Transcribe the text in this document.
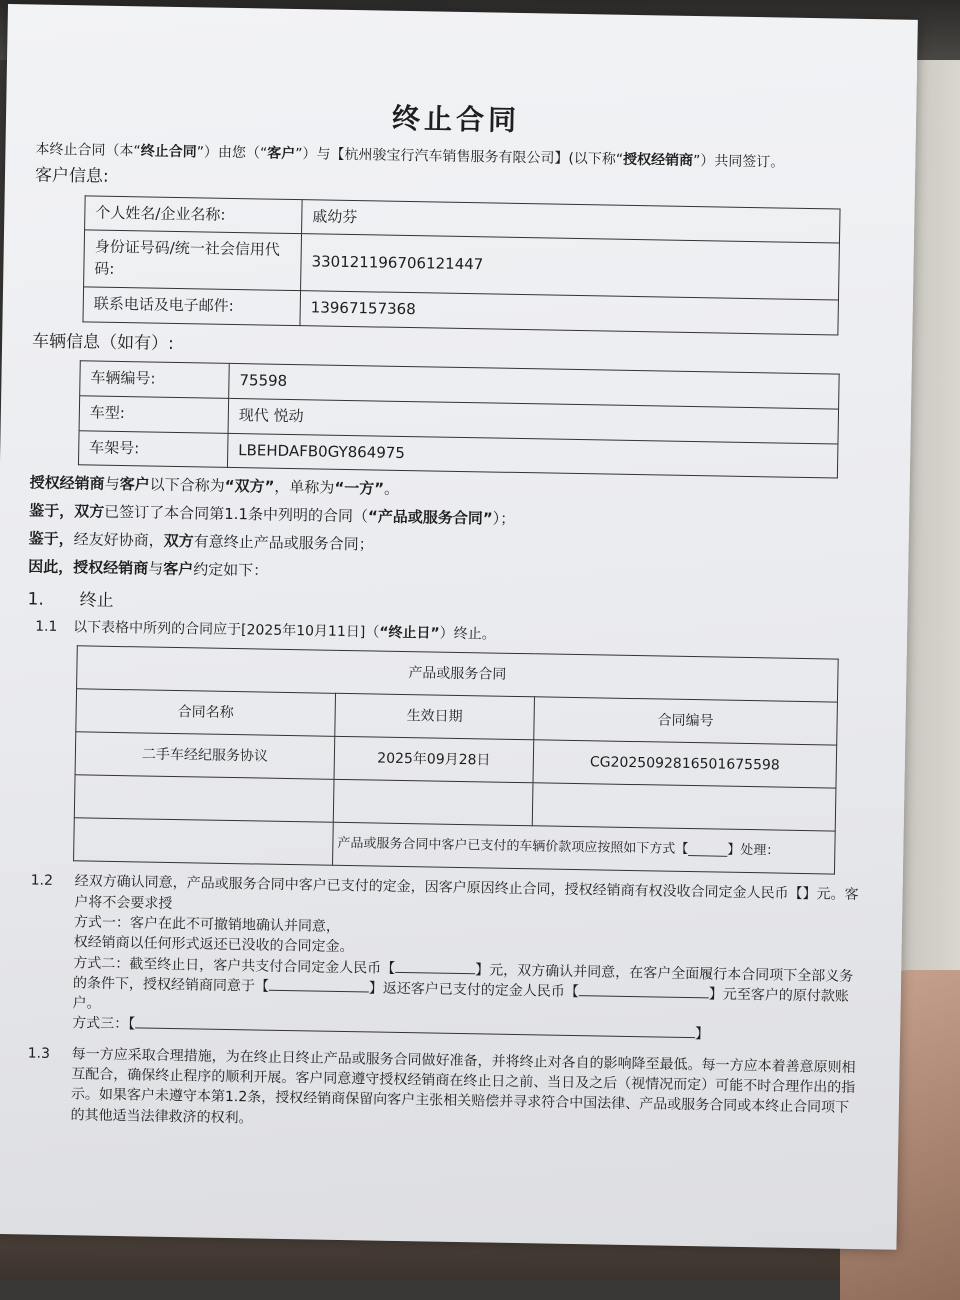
终止合同
本终止合同（本“终止合同”）由您（“客户”）与【杭州骏宝行汽车销售服务有限公司】(以下称“授权经销商”）共同签订。
客户信息:
个人姓名/企业名称:	戚幼芬
身份证号码/统一社会信用代码:	330121196706121447
联系电话及电子邮件:	13967157368
车辆信息（如有）:
车辆编号:	75598
车型:	现代 悦动
车架号:	LBEHDAFB0GY864975

授权经销商与客户以下合称为“双方”，单称为“一方”。

鉴于，双方已签订了本合同第1.1条中列明的合同（“产品或服务合同”）；

鉴于，经友好协商，双方有意终止产品或服务合同；

因此，授权经销商与客户约定如下：

1. 终止
1.1 以下表格中所列的合同应于[2025年10月11日]（“终止日”）终止。
产品或服务合同		
合同名称	生效日期	合同编号
二手车经纪服务协议	2025年09月28日	CG2025092816501675598

	产品或服务合同中客户已支付的车辆价款项应按照如下方式【______】处理：	
1.2 经双方确认同意，产品或服务合同中客户已支付的定金，因客户原因终止合同，授权经销商有权没收合同定金人民币【】元。客户将不会要求授
方式一：客户在此不可撤销地确认并同意，
权经销商以任何形式返还已没收的合同定金。
方式二：截至终止日，客户共支付合同定金人民币【	】元，双方确认并同意，在客户全面履行本合同项下全部义务
的条件下，授权经销商同意于【	】返还客户已支付的定金人民币【	】元至客户的原付款账户。
方式三：【】
1.3 每一方应采取合理措施，为在终止日终止产品或服务合同做好准备，并将终止对各自的影响降至最低。每一方应本着善意原则相互配合，确保终止程序的顺利开展。客户同意遵守授权经销商在终止日之前、当日及之后（视情况而定）可能不时合理作出的指示。如果客户未遵守本第1.2条，授权经销商保留向客户主张相关赔偿并寻求符合中国法律、产品或服务合同或本终止合同项下的其他适当法律救济的权利。
